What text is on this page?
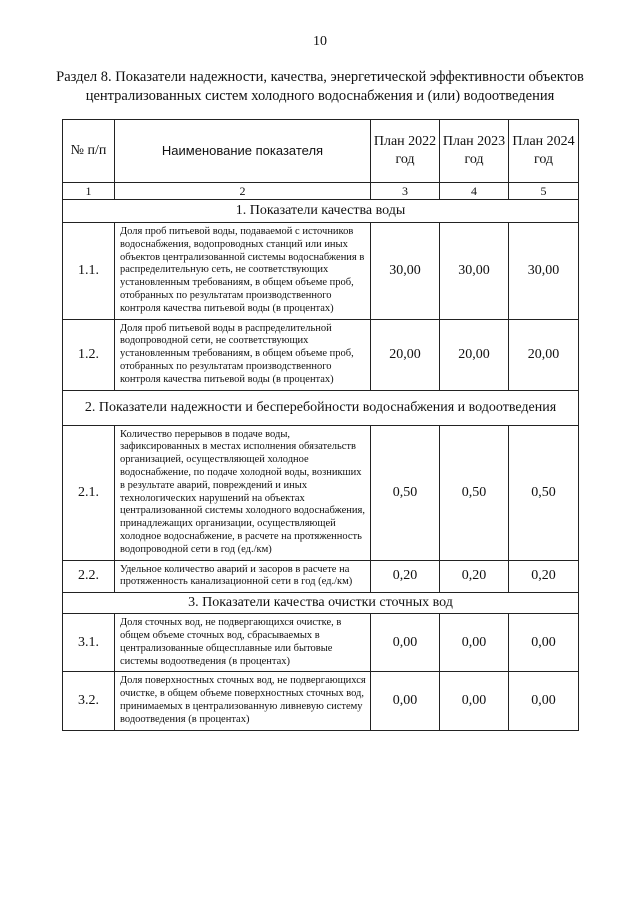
10
Раздел 8. Показатели надежности, качества, энергетической эффективности объектов централизованных систем холодного водоснабжения и (или) водоотведения
№ п/п	Наименование показателя	План 2022 год	План 2023 год	План 2024 год
1	2	3	4	5
1. Показатели качества воды				
1.1.	Доля проб питьевой воды, подаваемой с источников водоснабжения, водопроводных станций или иных объектов централизованной системы водоснабжения в распределительную сеть, не соответствующих установленным требованиям, в общем объеме проб, отобранных по результатам производственного контроля качества питьевой воды (в процентах)	30,00	30,00	30,00
1.2.	Доля проб питьевой воды в распределительной водопроводной сети, не соответствующих установленным требованиям, в общем объеме проб, отобранных по результатам производственного контроля качества питьевой воды (в процентах)	20,00	20,00	20,00
2. Показатели надежности и бесперебойности водоснабжения и водоотведения				
2.1.	Количество перерывов в подаче воды, зафиксированных в местах исполнения обязательств организацией, осуществляющей холодное водоснабжение, по подаче холодной воды, возникших в результате аварий, повреждений и иных технологических нарушений на объектах централизованной системы холодного водоснабжения, принадлежащих организации, осуществляющей холодное водоснабжение, в расчете на протяженность водопроводной сети в год (ед./км)	0,50	0,50	0,50
2.2.	Удельное количество аварий и засоров в расчете на протяженность канализационной сети в год (ед./км)	0,20	0,20	0,20
3. Показатели качества очистки сточных вод				
3.1.	Доля сточных вод, не подвергающихся очистке, в общем объеме сточных вод, сбрасываемых в централизованные общесплавные или бытовые системы водоотведения (в процентах)	0,00	0,00	0,00
3.2.	Доля поверхностных сточных вод, не подвергающихся очистке, в общем объеме поверхностных сточных вод, принимаемых в централизованную ливневую систему водоотведения (в процентах)	0,00	0,00	0,00
